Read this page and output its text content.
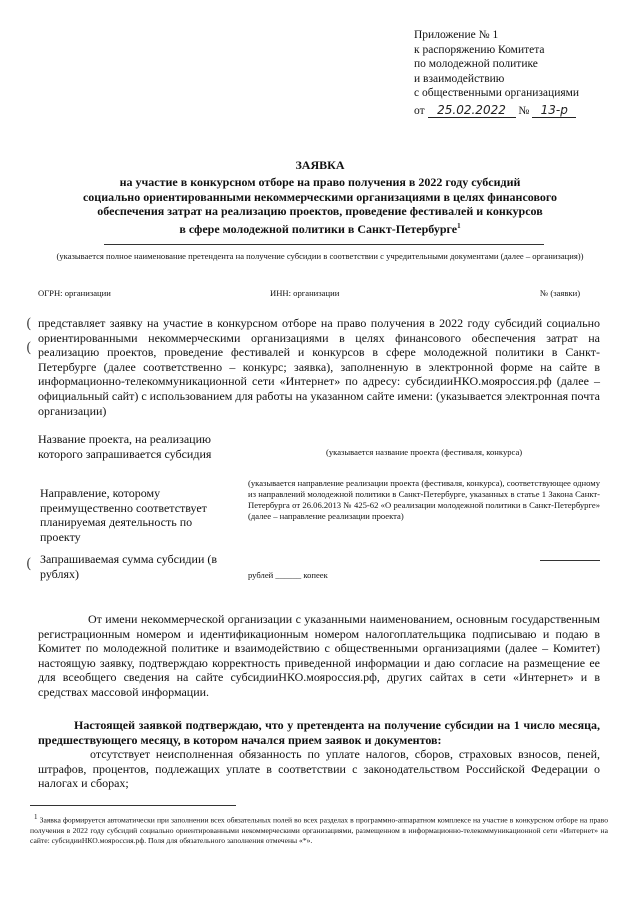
Приложение № 1
к распоряжению Комитета
по молодежной политике
и взаимодействию
с общественными организациями
от 25.02.2022 № 13-р
ЗАЯВКА
на участие в конкурсном отборе на право получения в 2022 году субсидий
социально ориентированными некоммерческими организациями в целях финансового
обеспечения затрат на реализацию проектов, проведение фестивалей и конкурсов
в сфере молодежной политики в Санкт-Петербурге$^1$
(указывается полное наименование претендента на получение субсидии в соответствии с учредительными документами (далее – организация))
ОГРН: организации	ИНН: организации	№ (заявки)
(
(
представляет заявку на участие в конкурсном отборе на право получения в 2022 году субсидий социально ориентированными некоммерческими организациями в целях финансового обеспечения затрат на реализацию проектов, проведение фестивалей и конкурсов в сфере молодежной политики в Санкт-Петербурге (далее соответственно – конкурс; заявка), заполненную в электронной форме на сайте в информационно-телекоммуникационной сети «Интернет» по адресу: субсидииНКО.мояроссия.рф (далее – официальный сайт) с использованием для работы на указанном сайте имени: (указывается электронная почта организации)
Название проекта, на реализацию которого запрашивается субсидия	(указывается название проекта (фестиваля, конкурса)
Направление, которому преимущественно соответствует планируемая деятельность по проекту
(указывается направление реализации проекта (фестиваля, конкурса), соответствующее одному из направлений молодежной политики в Санкт-Петербурге, указанных в статье 1 Закона Санкт-Петербурга от 26.06.2013 № 425-62 «О реализации молодежной политики в Санкт-Петербурге» (далее – направление реализации проекта)
( Запрашиваемая сумма субсидии (в рублях)	рублей ______ копеек
От имени некоммерческой организации с указанными наименованием, основным государственным регистрационным номером и идентификационным номером налогоплательщика подписываю и подаю в Комитет по молодежной политике и взаимодействию с общественными организациями (далее – Комитет) настоящую заявку, подтверждаю корректность приведенной информации и даю согласие на размещение ее для всеобщего сведения на сайте субсидииНКО.мояроссия.рф, других сайтах в сети «Интернет» и в средствах массовой информации.
Настоящей заявкой подтверждаю, что у претендента на получение субсидии на 1 число месяца, предшествующего месяцу, в котором начался прием заявок и документов:
отсутствует неисполненная обязанность по уплате налогов, сборов, страховых взносов, пеней, штрафов, процентов, подлежащих уплате в соответствии с законодательством Российской Федерации о налогах и сборах;
$^1$ Заявка формируется автоматически при заполнении всех обязательных полей во всех разделах в программно-аппаратном комплексе на участие в конкурсном отборе на право получения в 2022 году субсидий социально ориентированными некоммерческими организациями, размещенном в информационно-телекоммуникационной сети «Интернет» на сайте: субсидииНКО.мояроссия.рф. Поля для обязательного заполнения отмечены «*».
